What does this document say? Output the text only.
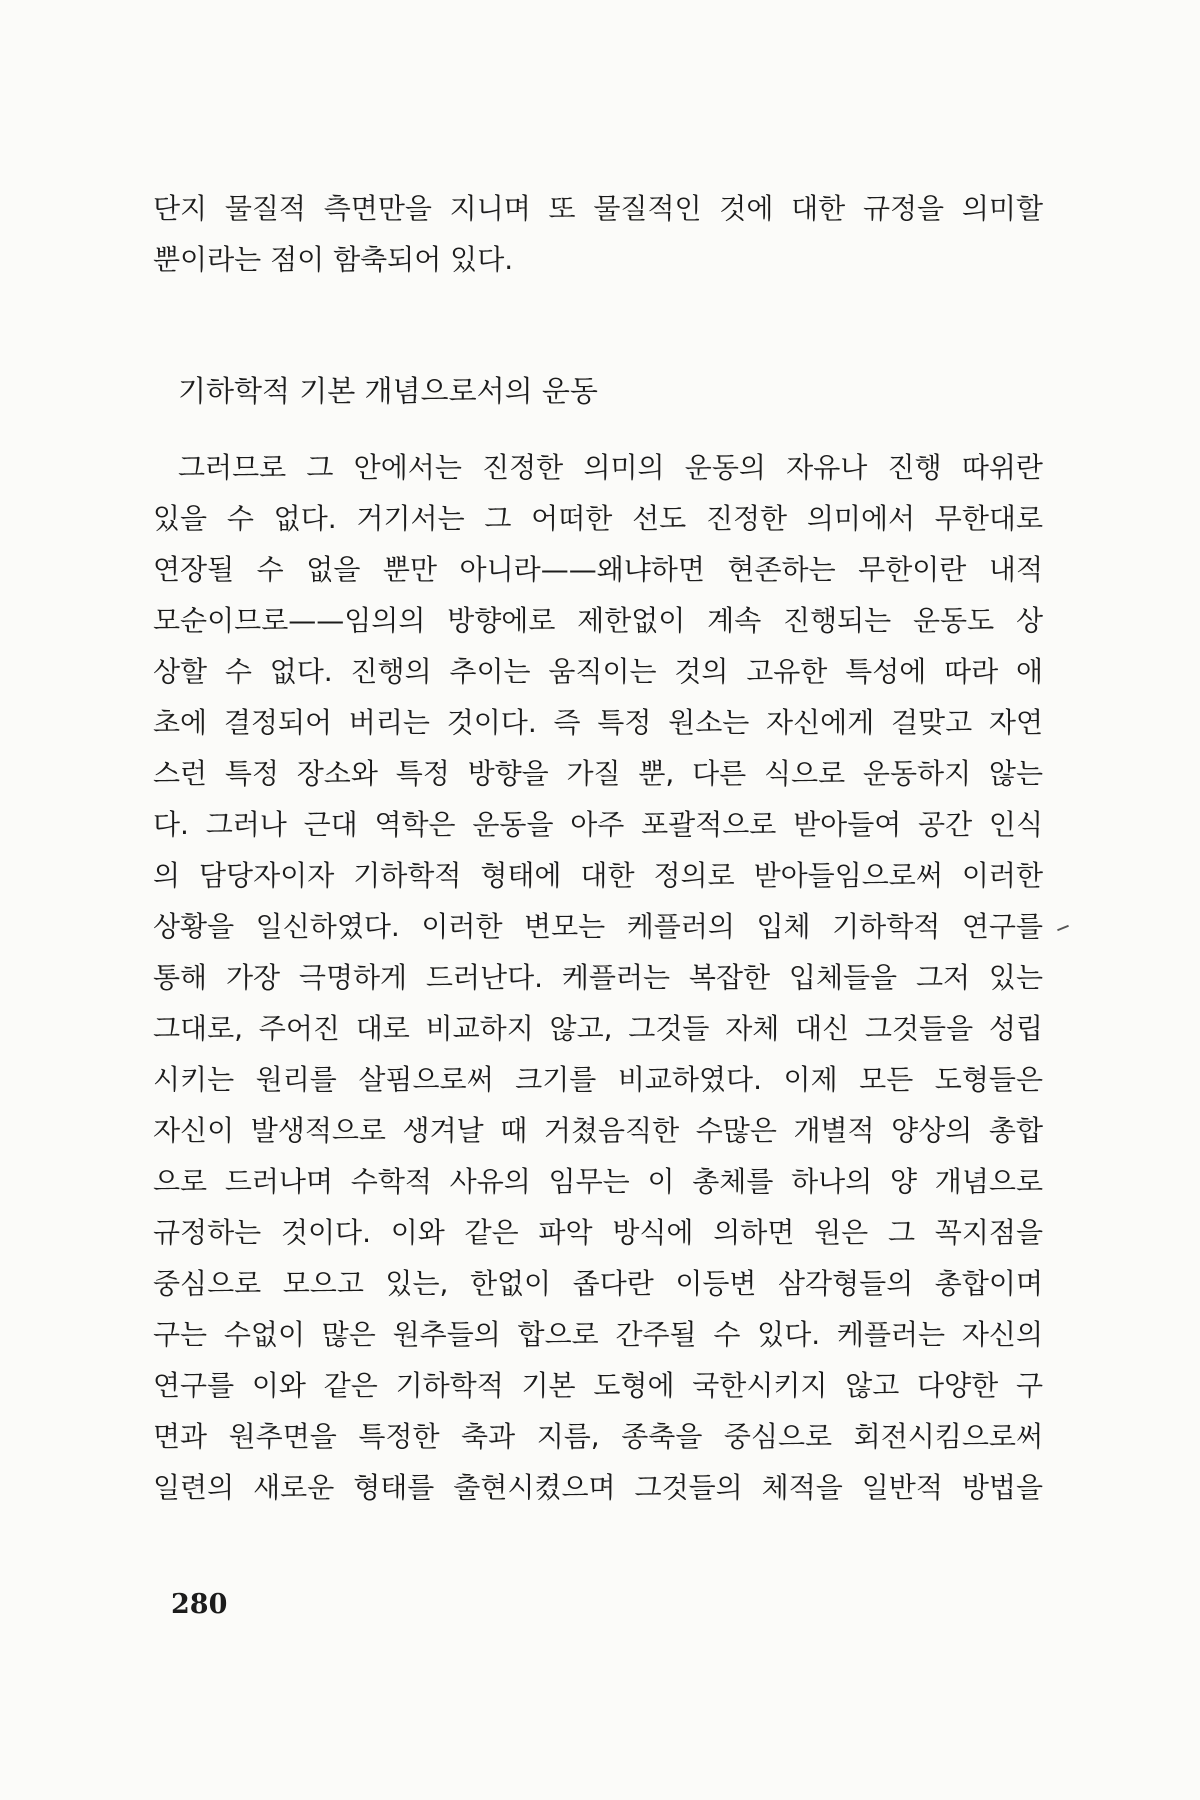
단지 물질적 측면만을 지니며 또 물질적인 것에 대한 규정을 의미할
뿐이라는 점이 함축되어 있다.
기하학적 기본 개념으로서의 운동
그러므로 그 안에서는 진정한 의미의 운동의 자유나 진행 따위란
있을 수 없다. 거기서는 그 어떠한 선도 진정한 의미에서 무한대로
연장될 수 없을 뿐만 아니라——왜냐하면 현존하는 무한이란 내적
모순이므로——임의의 방향에로 제한없이 계속 진행되는 운동도 상
상할 수 없다. 진행의 추이는 움직이는 것의 고유한 특성에 따라 애
초에 결정되어 버리는 것이다. 즉 특정 원소는 자신에게 걸맞고 자연
스런 특정 장소와 특정 방향을 가질 뿐, 다른 식으로 운동하지 않는
다. 그러나 근대 역학은 운동을 아주 포괄적으로 받아들여 공간 인식
의 담당자이자 기하학적 형태에 대한 정의로 받아들임으로써 이러한
상황을 일신하였다. 이러한 변모는 케플러의 입체 기하학적 연구를
통해 가장 극명하게 드러난다. 케플러는 복잡한 입체들을 그저 있는
그대로, 주어진 대로 비교하지 않고, 그것들 자체 대신 그것들을 성립
시키는 원리를 살핌으로써 크기를 비교하였다. 이제 모든 도형들은
자신이 발생적으로 생겨날 때 거쳤음직한 수많은 개별적 양상의 총합
으로 드러나며 수학적 사유의 임무는 이 총체를 하나의 양 개념으로
규정하는 것이다. 이와 같은 파악 방식에 의하면 원은 그 꼭지점을
중심으로 모으고 있는, 한없이 좁다란 이등변 삼각형들의 총합이며
구는 수없이 많은 원추들의 합으로 간주될 수 있다. 케플러는 자신의
연구를 이와 같은 기하학적 기본 도형에 국한시키지 않고 다양한 구
면과 원추면을 특정한 축과 지름, 종축을 중심으로 회전시킴으로써
일련의 새로운 형태를 출현시켰으며 그것들의 체적을 일반적 방법을
280
